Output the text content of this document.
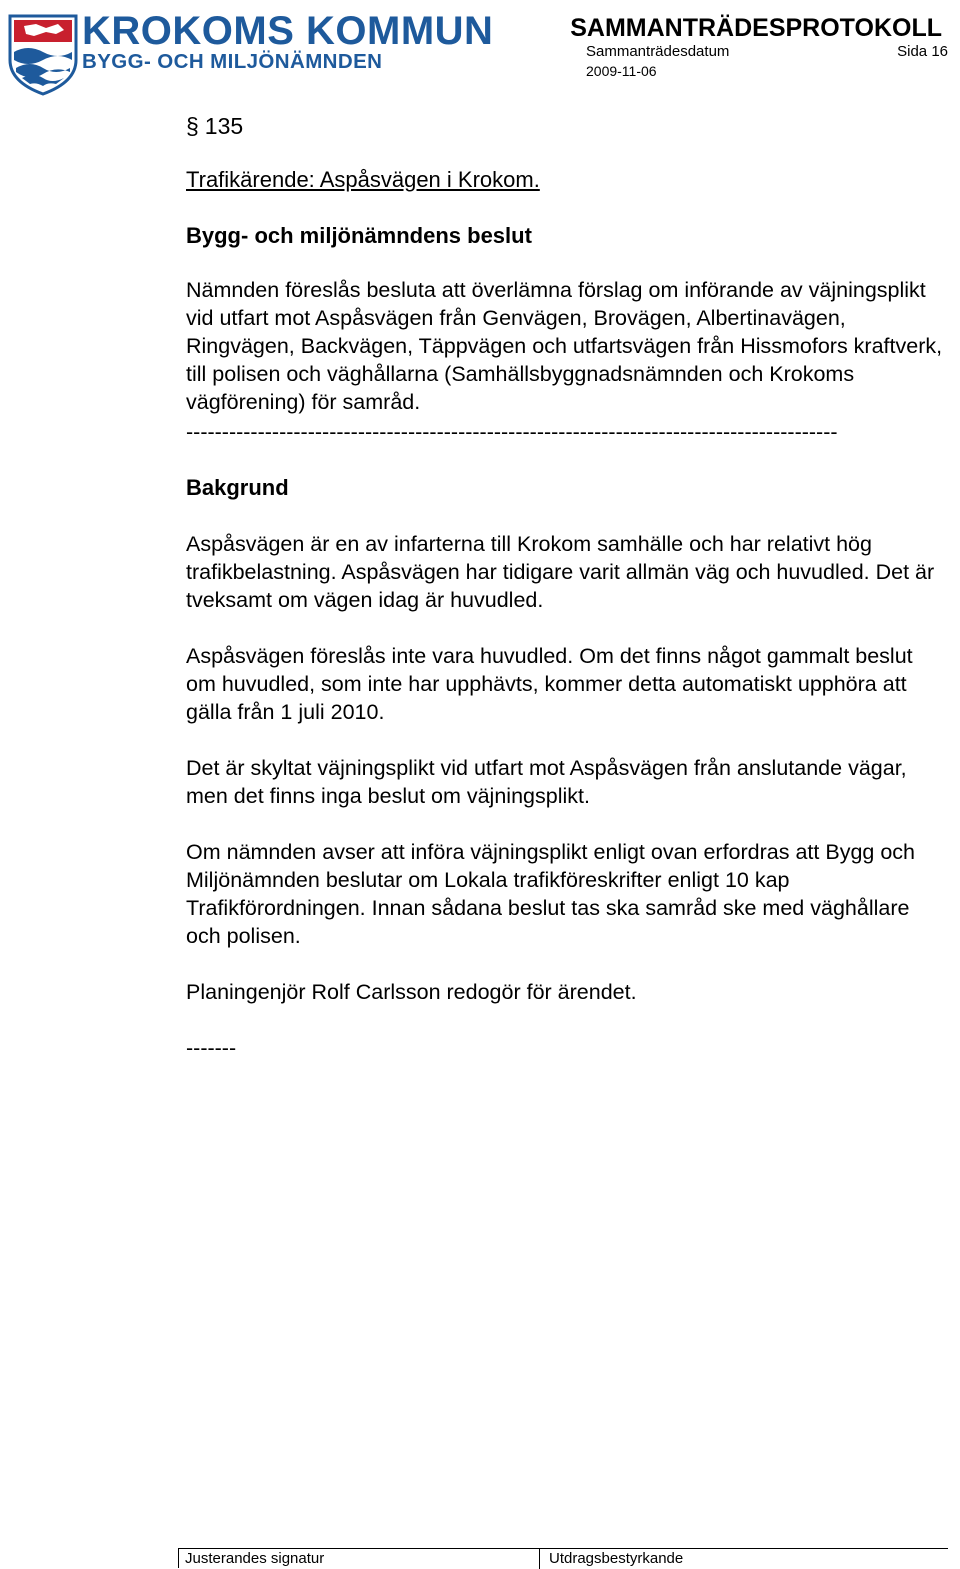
KROKOMS KOMMUN
BYGG- OCH MILJÖNÄMNDEN
SAMMANTRÄDESPROTOKOLL
Sammanträdesdatum	Sida 16
2009-11-06
§ 135

Trafikärende: Aspåsvägen i Krokom.

Bygg- och miljönämndens beslut

Nämnden föreslås besluta att överlämna förslag om införande av väjningsplikt vid utfart mot Aspåsvägen från Genvägen, Brovägen, Albertinavägen, Ringvägen, Backvägen, Täppvägen och utfartsvägen från Hissmofors kraftverk, till polisen och väghållarna (Samhällsbyggnadsnämnden och Krokoms vägförening) för samråd.

-------------------------------------------------------------------------------------------

Bakgrund

Aspåsvägen är en av infarterna till Krokom samhälle och har relativt hög trafikbelastning. Aspåsvägen har tidigare varit allmän väg och huvudled. Det är tveksamt om vägen idag är huvudled.

Aspåsvägen föreslås inte vara huvudled. Om det finns något gammalt beslut om huvudled, som inte har upphävts, kommer detta automatiskt upphöra att gälla från 1 juli 2010.

Det är skyltat väjningsplikt vid utfart mot Aspåsvägen från anslutande vägar, men det finns inga beslut om väjningsplikt.

Om nämnden avser att införa väjningsplikt enligt ovan erfordras att Bygg och Miljönämnden beslutar om Lokala trafikföreskrifter enligt 10 kap Trafikförordningen. Innan sådana beslut tas ska samråd ske med väghållare och polisen.

Planingenjör Rolf Carlsson redogör för ärendet.

-------

Justerandes signatur	Utdragsbestyrkande
